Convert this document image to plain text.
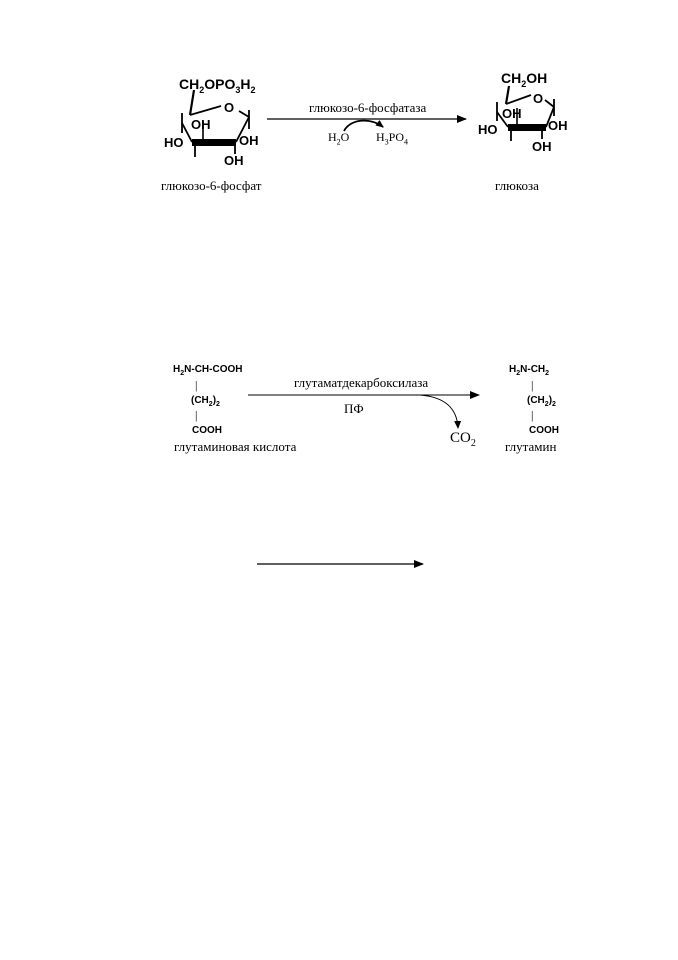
$CH_2OPO_3H_2$
O
OH
HO	OH
OH
глюкозо-6-фосфат
глюкозо-6-фосфатаза
$H_2O$ $H_3PO_4$
$CH_2OH$
O
OH
HO	OH
OH
глюкоза
$H_2N-CH$-COOH
|
$(CH_2)_2$
|
COOH
глутаминовая кислота
глутаматдекарбоксилаза
ПФ
$CO_2$
$H_2N-CH_2$
|
$(CH_2)_2$
|
COOH
глутамин
